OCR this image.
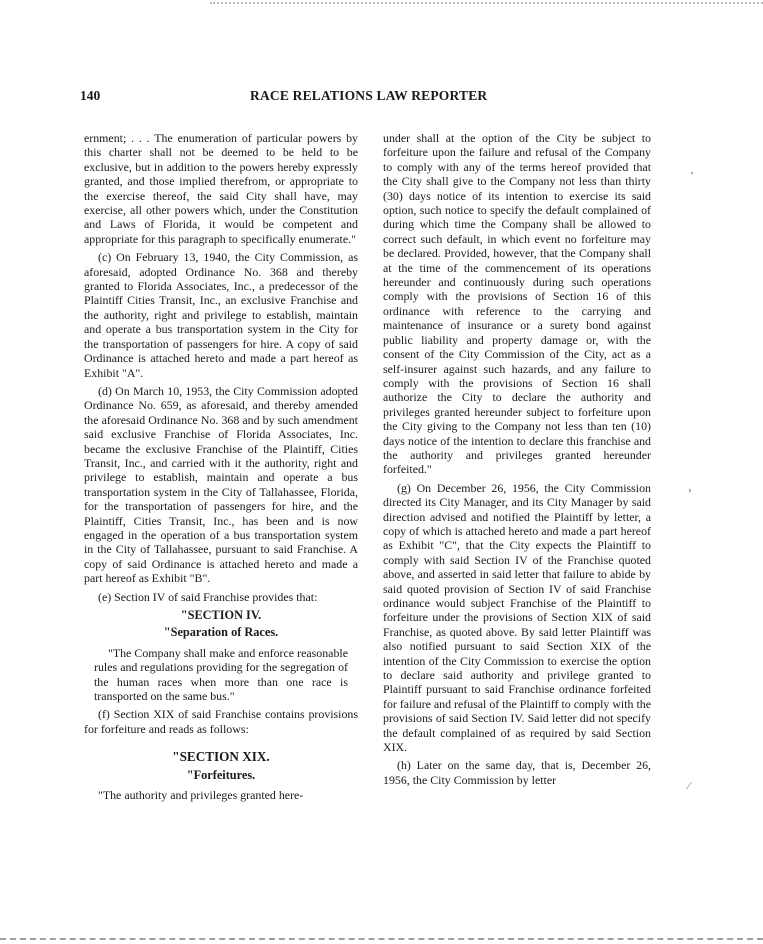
140	RACE RELATIONS LAW REPORTER

ernment; . . . The enumeration of particular powers by this charter shall not be deemed to be held to be exclusive, but in addition to the powers hereby expressly granted, and those implied therefrom, or appropriate to the exercise thereof, the said City shall have, may exercise, all other powers which, under the Constitution and Laws of Florida, it would be competent and appropriate for this paragraph to specifically enumerate."

(c) On February 13, 1940, the City Commission, as aforesaid, adopted Ordinance No. 368 and thereby granted to Florida Associates, Inc., a predecessor of the Plaintiff Cities Transit, Inc., an exclusive Franchise and the authority, right and privilege to establish, maintain and operate a bus transportation system in the City for the transportation of passengers for hire. A copy of said Ordinance is attached hereto and made a part hereof as Exhibit "A".

(d) On March 10, 1953, the City Commission adopted Ordinance No. 659, as aforesaid, and thereby amended the aforesaid Ordinance No. 368 and by such amendment said exclusive Franchise of Florida Associates, Inc. became the exclusive Franchise of the Plaintiff, Cities Transit, Inc., and carried with it the authority, right and privilege to establish, maintain and operate a bus transportation system in the City of Tallahassee, Florida, for the transportation of passengers for hire, and the Plaintiff, Cities Transit, Inc., has been and is now engaged in the operation of a bus transportation system in the City of Tallahassee, pursuant to said Franchise. A copy of said Ordinance is attached hereto and made a part hereof as Exhibit "B".

(e) Section IV of said Franchise provides that:

"SECTION IV.
"Separation of Races.

"The Company shall make and enforce reasonable rules and regulations providing for the segregation of the human races when more than one race is transported on the same bus."

(f) Section XIX of said Franchise contains provisions for forfeiture and reads as follows:

"SECTION XIX.
"Forfeitures.

"The authority and privileges granted here-

under shall at the option of the City be subject to forfeiture upon the failure and refusal of the Company to comply with any of the terms hereof provided that the City shall give to the Company not less than thirty (30) days notice of its intention to exercise its said option, such notice to specify the default complained of during which time the Company shall be allowed to correct such default, in which event no forfeiture may be declared. Provided, however, that the Company shall at the time of the commencement of its operations hereunder and continuously during such operations comply with the provisions of Section 16 of this ordinance with reference to the carrying and maintenance of insurance or a surety bond against public liability and property damage or, with the consent of the City Commission of the City, act as a self-insurer against such hazards, and any failure to comply with the provisions of Section 16 shall authorize the City to declare the authority and privileges granted hereunder subject to forfeiture upon the City giving to the Company not less than ten (10) days notice of the intention to declare this franchise and the authority and privileges granted hereunder forfeited."

(g) On December 26, 1956, the City Commission directed its City Manager, and its City Manager by said direction advised and notified the Plaintiff by letter, a copy of which is attached hereto and made a part hereof as Exhibit "C", that the City expects the Plaintiff to comply with said Section IV of the Franchise quoted above, and asserted in said letter that failure to abide by said quoted provision of Section IV of said Franchise ordinance would subject Franchise of the Plaintiff to forfeiture under the provisions of Section XIX of said Franchise, as quoted above. By said letter Plaintiff was also notified pursuant to said Section XIX of the intention of the City Commission to exercise the option to declare said authority and privilege granted to Plaintiff pursuant to said Franchise ordinance forfeited for failure and refusal of the Plaintiff to comply with the provisions of said Section IV. Said letter did not specify the default complained of as required by said Section XIX.

(h) Later on the same day, that is, December 26, 1956, the City Commission by letter

ʼ
›
⁄
